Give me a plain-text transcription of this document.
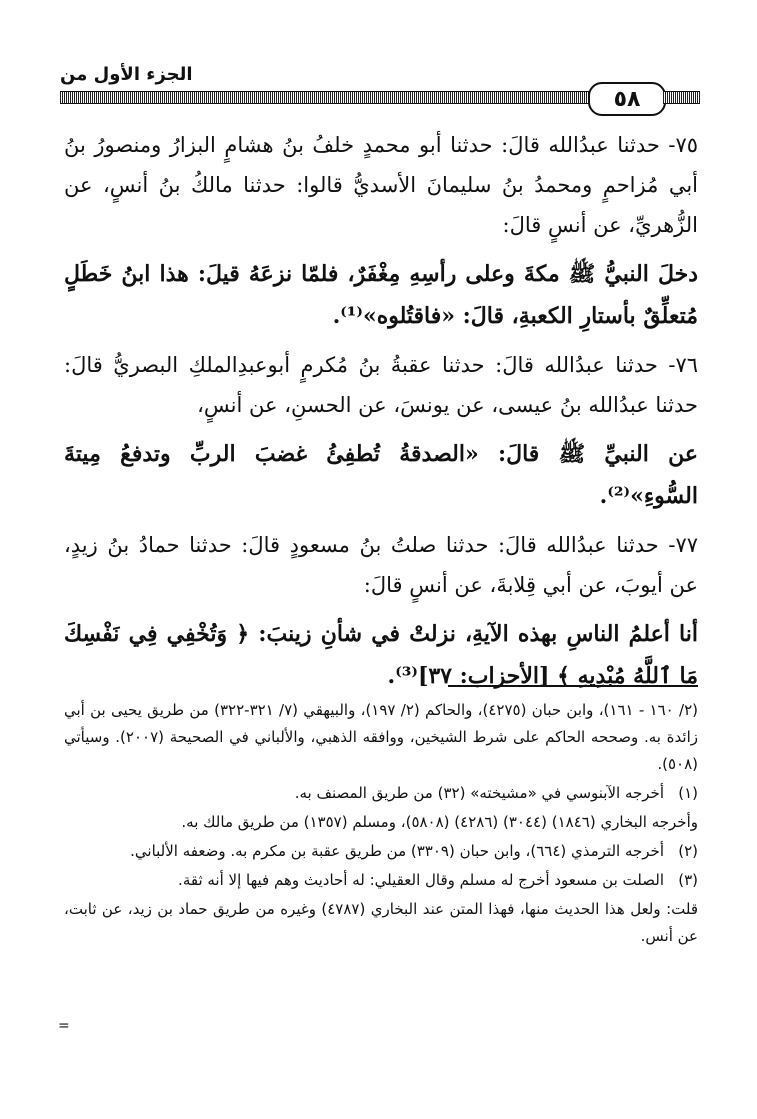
الجزء الأول من
٥٨

٧٥- حدثنا عبدُالله قالَ: حدثنا أبو محمدٍ خلفُ بنُ هشامٍ البزارُ ومنصورُ بنُ أبي مُزاحمٍ ومحمدُ بنُ سليمانَ الأسديُّ قالوا: حدثنا مالكُ بنُ أنسٍ، عن الزُّهريِّ، عن أنسٍ قالَ:

دخلَ النبيُّ ﷺ مكةَ وعلى رأسِهِ مِغْفَرٌ، فلمّا نزعَهُ قيلَ: هذا ابنُ خَطَلٍ مُتعلِّقٌ بأستارِ الكعبةِ، قالَ: «فاقتُلوه»⁽¹⁾.

٧٦- حدثنا عبدُالله قالَ: حدثنا عقبةُ بنُ مُكرمٍ أبوعبدِالملكِ البصريُّ قالَ: حدثنا عبدُالله بنُ عيسى، عن يونسَ، عن الحسنِ، عن أنسٍ،

عن النبيِّ ﷺ قالَ: «الصدقةُ تُطفِئُ غضبَ الربِّ وتدفعُ مِيتةَ السُّوءِ»⁽²⁾.

٧٧- حدثنا عبدُالله قالَ: حدثنا صلتُ بنُ مسعودٍ قالَ: حدثنا حمادُ بنُ زيدٍ، عن أيوبَ، عن أبي قِلابةَ، عن أنسٍ قالَ:

أنا أعلمُ الناسِ بهذه الآيةِ، نزلتْ في شأنِ زينبَ: ﴿ وَتُخْفِي فِي نَفْسِكَ مَا ٱللَّهُ مُبْدِيهِ ﴾ [الأحزاب: ٣٧]⁽³⁾.

(٢/ ١٦٠ - ١٦١)، وابن حبان (٤٢٧٥)، والحاكم (٢/ ١٩٧)، والبيهقي (٧/ ٣٢١-٣٢٢) من طريق يحيى بن أبي زائدة به. وصححه الحاكم على شرط الشيخين، ووافقه الذهبي، والألباني في الصحيحة (٢٠٠٧). وسيأتي (٥٠٨).

(١)أخرجه الآبنوسي في «مشيخته» (٣٢) من طريق المصنف به.

وأخرجه البخاري (١٨٤٦) (٣٠٤٤) (٤٢٨٦) (٥٨٠٨)، ومسلم (١٣٥٧) من طريق مالك به.

(٢)أخرجه الترمذي (٦٦٤)، وابن حبان (٣٣٠٩) من طريق عقبة بن مكرم به. وضعفه الألباني.

(٣)الصلت بن مسعود أخرج له مسلم وقال العقيلي: له أحاديث وهم فيها إلا أنه ثقة.

قلت: ولعل هذا الحديث منها، فهذا المتن عند البخاري (٤٧٨٧) وغيره من طريق حماد بن زيد، عن ثابت، عن أنس.

=
